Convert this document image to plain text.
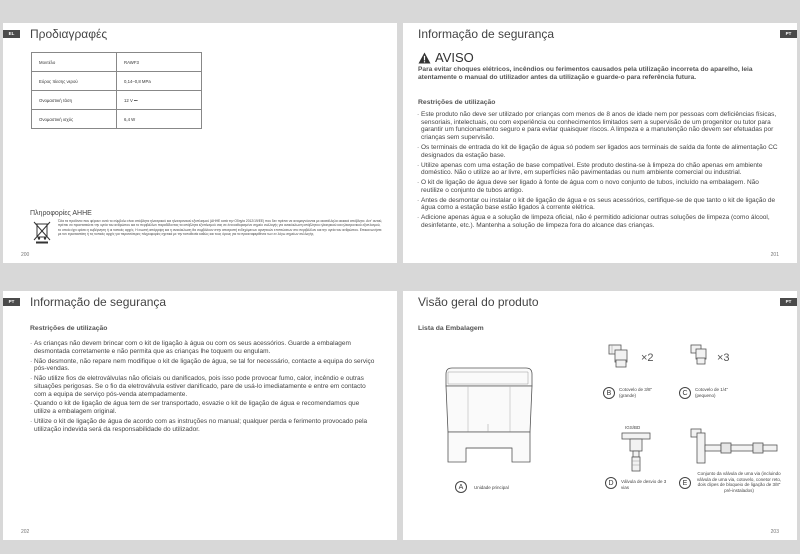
EL	Προδιαγραφές
Μοντέλο	RAWF3
Εύρος πίεσης νερού	0,14–0,8 MPa
Ονομαστική τάση	12 V ⎓
Ονομαστική ισχύς	6,4 W
Πληροφορίες ΑΗΗΕ
Όλα τα προϊόντα που φέρουν αυτό το σύμβολο είναι απόβλητα ηλεκτρικού και ηλεκτρονικού εξοπλισμού (ΑΗΗΕ κατά την Οδηγία 2012/19/ΕΕ) που δεν πρέπει να αναμειγνύονται με ακατάλληλα οικιακά απόβλητα. Αντ' αυτού, πρέπει να προστατεύετε την υγεία του ανθρώπου και το περιβάλλον παραδίδοντας τα απόβλητα εξοπλισμού σας σε ένα καθορισμένο σημείο συλλογής για ανακύκλωση απόβλητου ηλεκτρικού και ηλεκτρονικού εξοπλισμού, το οποίο έχει ορίσει η κυβέρνηση ή οι τοπικές αρχές. Η σωστή απόρριψη και η ανακύκλωση θα συμβάλουν στην αποτροπή ενδεχόμενων αρνητικών επιπτώσεων στο περιβάλλον και την υγεία του ανθρώπου. Επικοινωνήστε με τον εγκαταστάτη ή τις τοπικές αρχές για περισσότερες πληροφορίες σχετικά με την τοποθεσία καθώς και τους όρους για τα προαναφερθέντα των εν λόγω σημείων συλλογής.
200
PT
Informação de segurança
AVISO

Para evitar choques elétricos, incêndios ou ferimentos causados pela utilização incorreta do aparelho, leia atentamente o manual do utilizador antes da utilização e guarde-o para referência futura.

Restrições de utilização
· Este produto não deve ser utilizado por crianças com menos de 8 anos de idade nem por pessoas com deficiências físicas, sensoriais, intelectuais, ou com experiência ou conhecimentos limitados sem a supervisão de um progenitor ou tutor para garantir um funcionamento seguro e para evitar quaisquer riscos. A limpeza e a manutenção não devem ser efetuadas por crianças sem supervisão.
· Os terminais de entrada do kit de ligação de água só podem ser ligados aos terminais de saída da fonte de alimentação CC designados da estação base.
· Utilize apenas com uma estação de base compatível. Este produto destina-se à limpeza do chão apenas em ambiente doméstico. Não o utilize ao ar livre, em superfícies não pavimentadas ou num ambiente comercial ou industrial.
· O kit de ligação de água deve ser ligado à fonte de água com o novo conjunto de tubos, incluído na embalagem. Não reutilize o conjunto de tubos antigo.
· Antes de desmontar ou instalar o kit de ligação de água e os seus acessórios, certifique-se de que tanto o kit de ligação de água como a estação base estão ligados à corrente elétrica.
· Adicione apenas água e a solução de limpeza oficial, não é permitido adicionar outras soluções de limpeza (como álcool, desinfetante, etc.). Mantenha a solução de limpeza fora do alcance das crianças.
201
PT	Informação de segurança
Restrições de utilização
· As crianças não devem brincar com o kit de ligação à água ou com os seus acessórios. Guarde a embalagem desmontada corretamente e não permita que as crianças lhe toquem ou engulam.
· Não desmonte, não repare nem modifique o kit de ligação de água, se tal for necessário, contacte a equipa do serviço pós-vendas.
· Não utilize fios de eletroválvulas não oficiais ou danificados, pois isso pode provocar fumo, calor, incêndio e outras situações perigosas. Se o fio da eletroválvula estiver danificado, pare de usá-lo imediatamente e entre em contacto com a equipa de serviço pós-venda atempadamente.
· Quando o kit de ligação de água tem de ser transportado, esvazie o kit de ligação de água e recomendamos que utilize a embalagem original.
· Utilize o kit de ligação de água de acordo com as instruções no manual; qualquer perda e ferimento provocado pela utilização indevida será da responsabilidade do utilizador.
202
PT
Visão geral do produto
Lista da Embalagem
A	Unidade principal
×2
B
Cotovelo de 3/8" (grande)
×3
C
Cotovelo de 1/4" (pequeno)
IGS/BD
D	Válvula de desvio de 3 vias	E
Conjunto da válvula de uma via (incluindo válvula de uma via, cotovelo, conetor reto, dois clipes de bloqueio de ligação de 3/8" pré-instalados)
203
